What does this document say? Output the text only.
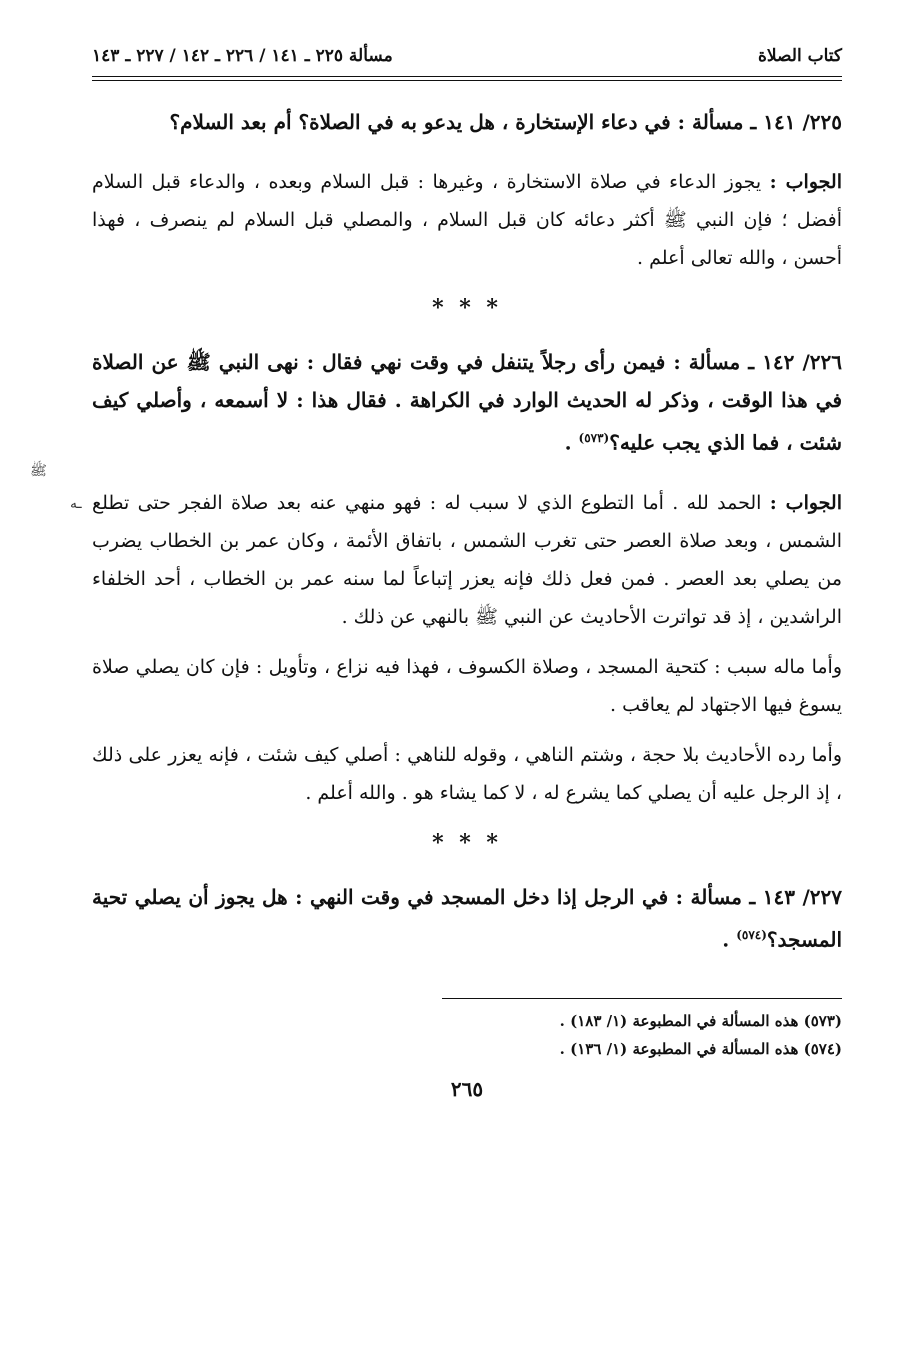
ﷺ
ـه
كتاب الصلاة
مسألة ٢٢٥ ـ ١٤١ / ٢٢٦ ـ ١٤٢ / ٢٢٧ ـ ١٤٣
٢٢٥/ ١٤١ ـ مسألة : في دعاء الإستخارة ، هل يدعو به في الصلاة؟ أم بعد السلام؟
الجواب : يجوز الدعاء في صلاة الاستخارة ، وغيرها : قبل السلام وبعده ، والدعاء قبل السلام أفضل ؛ فإن النبي ﷺ أكثر دعائه كان قبل السلام ، والمصلي قبل السلام لم ينصرف ، فهذا أحسن ، والله تعالى أعلم .
* * *
٢٢٦/ ١٤٢ ـ مسألة : فيمن رأى رجلاً يتنفل في وقت نهي فقال : نهى النبي ﷺ عن الصلاة في هذا الوقت ، وذكر له الحديث الوارد في الكراهة . فقال هذا : لا أسمعه ، وأصلي كيف شئت ، فما الذي يجب عليه؟$^{(٥٧٣)}$ .
الجواب : الحمد لله . أما التطوع الذي لا سبب له : فهو منهي عنه بعد صلاة الفجر حتى تطلع الشمس ، وبعد صلاة العصر حتى تغرب الشمس ، باتفاق الأئمة ، وكان عمر بن الخطاب يضرب من يصلي بعد العصر . فمن فعل ذلك فإنه يعزر إتباعاً لما سنه عمر بن الخطاب ، أحد الخلفاء الراشدين ، إذ قد تواترت الأحاديث عن النبي ﷺ بالنهي عن ذلك .
وأما ماله سبب : كتحية المسجد ، وصلاة الكسوف ، فهذا فيه نزاع ، وتأويل : فإن كان يصلي صلاة يسوغ فيها الاجتهاد لم يعاقب .
وأما رده الأحاديث بلا حجة ، وشتم الناهي ، وقوله للناهي : أصلي كيف شئت ، فإنه يعزر على ذلك ، إذ الرجل عليه أن يصلي كما يشرع له ، لا كما يشاء هو . والله أعلم .
* * *
٢٢٧/ ١٤٣ ـ مسألة : في الرجل إذا دخل المسجد في وقت النهي : هل يجوز أن يصلي تحية المسجد؟$^{(٥٧٤)}$ .
(٥٧٣) هذه المسألة في المطبوعة (١/ ١٨٣) .
(٥٧٤) هذه المسألة في المطبوعة (١/ ١٣٦) .
٢٦٥
